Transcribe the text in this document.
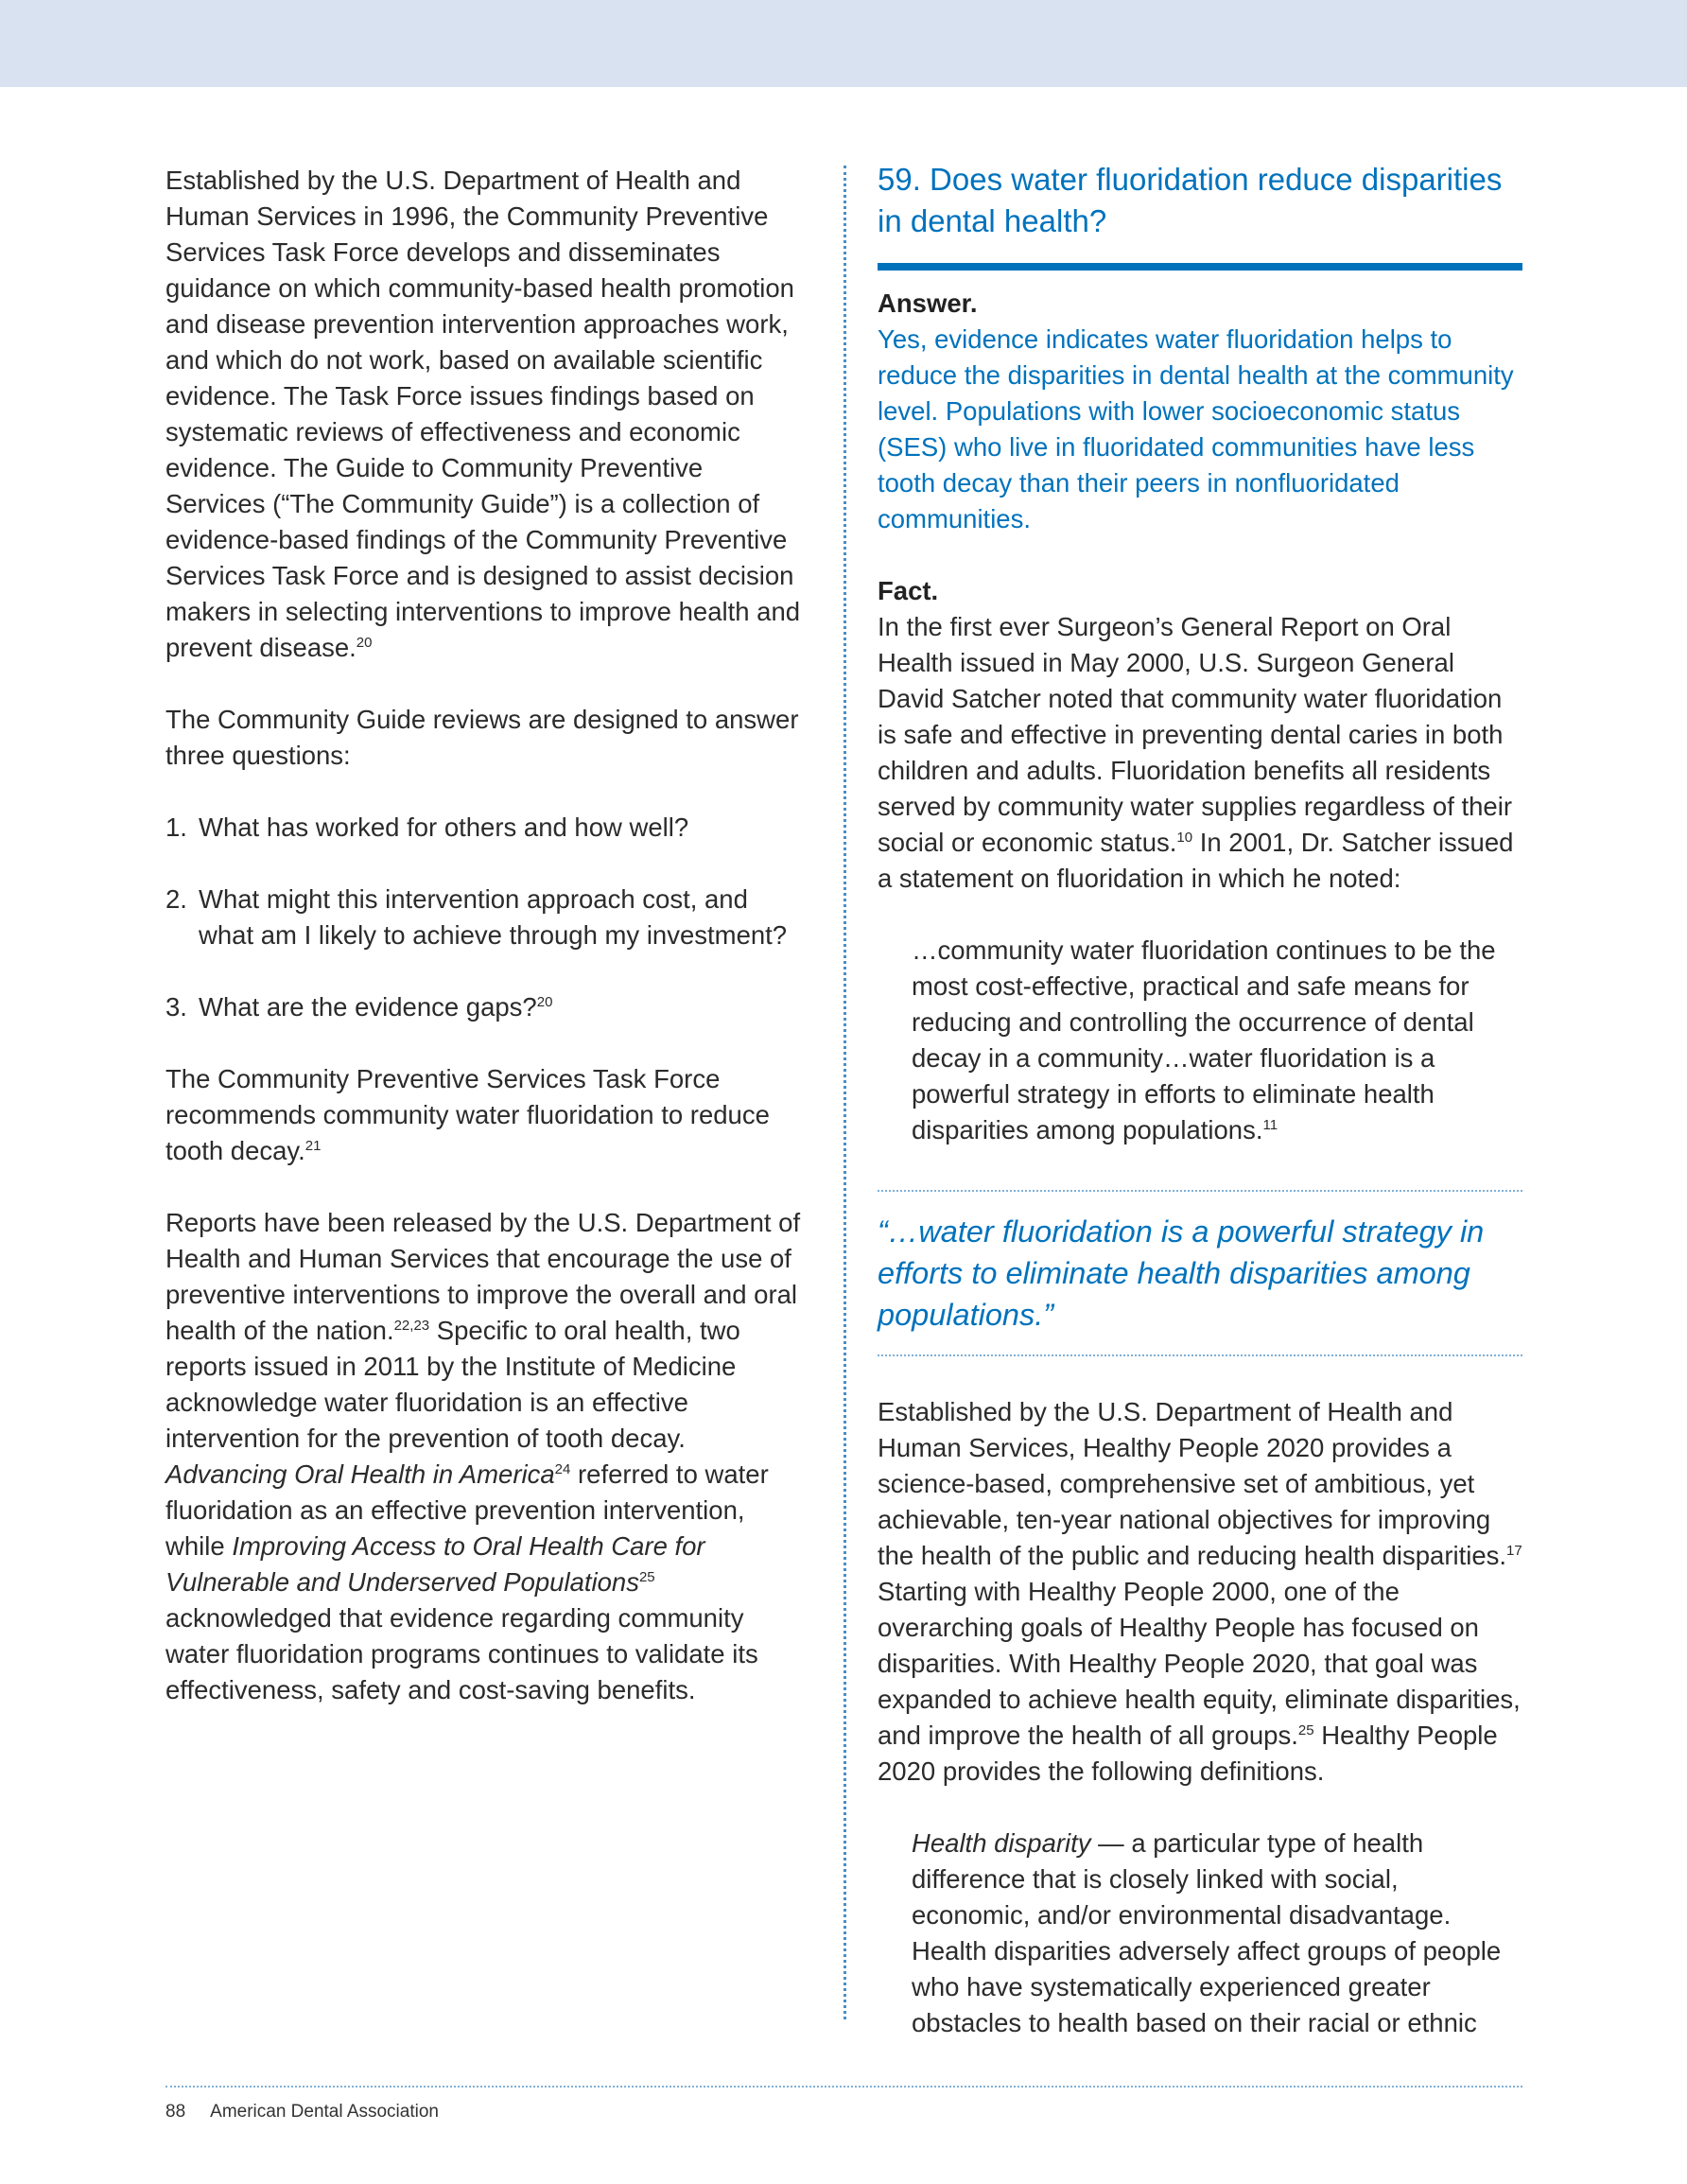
Established by the U.S. Department of Health and Human Services in 1996, the Community Preventive Services Task Force develops and disseminates guidance on which community-based health promotion and disease prevention intervention approaches work, and which do not work, based on available scientific evidence. The Task Force issues findings based on systematic reviews of effectiveness and economic evidence. The Guide to Community Preventive Services (“The Community Guide”) is a collection of evidence-based findings of the Community Preventive Services Task Force and is designed to assist decision makers in selecting interventions to improve health and prevent disease.$^{20}$

The Community Guide reviews are designed to answer three questions:

1. What has worked for others and how well?
2. What might this intervention approach cost, and what am I likely to achieve through my investment?
3. What are the evidence gaps?$^{20}$

The Community Preventive Services Task Force recommends community water fluoridation to reduce tooth decay.$^{21}$

Reports have been released by the U.S. Department of Health and Human Services that encourage the use of preventive interventions to improve the overall and oral health of the nation.$^{22,23}$ Specific to oral health, two reports issued in 2011 by the Institute of Medicine acknowledge water fluoridation is an effective intervention for the prevention of tooth decay. Advancing Oral Health in America$^{24}$ referred to water fluoridation as an effective prevention intervention, while Improving Access to Oral Health Care for Vulnerable and Underserved Populations$^{25}$ acknowledged that evidence regarding community water fluoridation programs continues to validate its effectiveness, safety and cost-saving benefits.

59. Does water fluoridation reduce disparities in dental health?
Answer.
Yes, evidence indicates water fluoridation helps to reduce the disparities in dental health at the community level. Populations with lower socioeconomic status (SES) who live in fluoridated communities have less tooth decay than their peers in nonfluoridated communities.
Fact.

In the first ever Surgeon’s General Report on Oral Health issued in May 2000, U.S. Surgeon General David Satcher noted that community water fluoridation is safe and effective in preventing dental caries in both children and adults. Fluoridation benefits all residents served by community water supplies regardless of their social or economic status.$^{10}$ In 2001, Dr. Satcher issued a statement on fluoridation in which he noted:

…community water fluoridation continues to be the most cost-effective, practical and safe means for reducing and controlling the occurrence of dental decay in a community…water fluoridation is a powerful strategy in efforts to eliminate health disparities among populations.$^{11}$

“…water fluoridation is a powerful strategy in efforts to eliminate health disparities among populations.”

Established by the U.S. Department of Health and Human Services, Healthy People 2020 provides a science-based, comprehensive set of ambitious, yet achievable, ten-year national objectives for improving the health of the public and reducing health disparities.$^{17}$ Starting with Healthy People 2000, one of the overarching goals of Healthy People has focused on disparities. With Healthy People 2020, that goal was expanded to achieve health equity, eliminate disparities, and improve the health of all groups.$^{25}$ Healthy People 2020 provides the following definitions.

Health disparity — a particular type of health difference that is closely linked with social, economic, and/or environmental disadvantage. Health disparities adversely affect groups of people who have systematically experienced greater obstacles to health based on their racial or ethnic

88 American Dental Association
